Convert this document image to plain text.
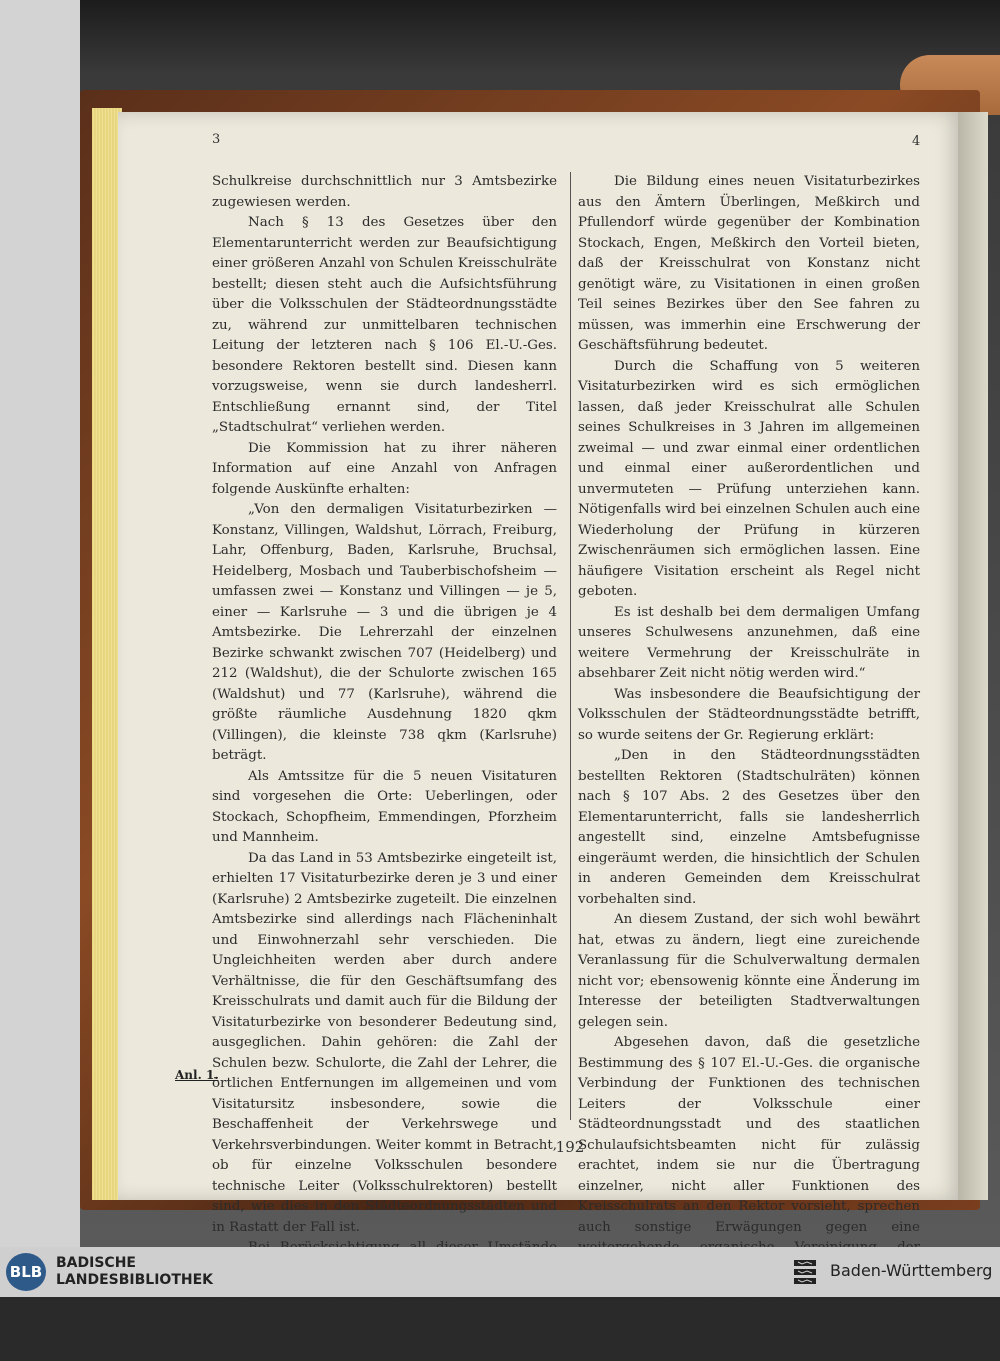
3	4

Schulkreise durchschnittlich nur 3 Amtsbezirke zugewiesen werden.

Nach § 13 des Gesetzes über den Elementarunterricht werden zur Beaufsichtigung einer größeren Anzahl von Schulen Kreisschulräte bestellt; diesen steht auch die Aufsichtsführung über die Volksschulen der Städteordnungsstädte zu, während zur unmittelbaren technischen Leitung der letzteren nach § 106 El.-U.-Ges. besondere Rektoren bestellt sind. Diesen kann vorzugsweise, wenn sie durch landesherrl. Entschließung ernannt sind, der Titel „Stadtschulrat“ verliehen werden.

Die Kommission hat zu ihrer näheren Information auf eine Anzahl von Anfragen folgende Auskünfte erhalten:

„Von den dermaligen Visitaturbezirken — Konstanz, Villingen, Waldshut, Lörrach, Freiburg, Lahr, Offenburg, Baden, Karlsruhe, Bruchsal, Heidelberg, Mosbach und Tauberbischofsheim — umfassen zwei — Konstanz und Villingen — je 5, einer — Karlsruhe — 3 und die übrigen je 4 Amtsbezirke. Die Lehrerzahl der einzelnen Bezirke schwankt zwischen 707 (Heidelberg) und 212 (Waldshut), die der Schulorte zwischen 165 (Waldshut) und 77 (Karlsruhe), während die größte räumliche Ausdehnung 1820 qkm (Villingen), die kleinste 738 qkm (Karlsruhe) beträgt.

Als Amtssitze für die 5 neuen Visitaturen sind vorgesehen die Orte: Ueberlingen, oder Stockach, Schopfheim, Emmendingen, Pforzheim und Mannheim.

Da das Land in 53 Amtsbezirke eingeteilt ist, erhielten 17 Visitaturbezirke deren je 3 und einer (Karlsruhe) 2 Amtsbezirke zugeteilt. Die einzelnen Amtsbezirke sind allerdings nach Flächeninhalt und Einwohnerzahl sehr verschieden. Die Ungleichheiten werden aber durch andere Verhältnisse, die für den Geschäftsumfang des Kreisschulrats und damit auch für die Bildung der Visitaturbezirke von besonderer Bedeutung sind, ausgeglichen. Dahin gehören: die Zahl der Schulen bezw. Schulorte, die Zahl der Lehrer, die örtlichen Entfernungen im allgemeinen und vom Visitatursitz insbesondere, sowie die Beschaffenheit der Verkehrswege und Verkehrsverbindungen. Weiter kommt in Betracht, ob für einzelne Volksschulen besondere technische Leiter (Volksschulrektoren) bestellt sind, wie dies in den Städteordnungsstädten und in Rastatt der Fall ist.

gleiche Geschäftslast für die einzelnen Visitaturen ergeben.

Die Bildung eines neuen Visitaturbezirkes aus den Ämtern Überlingen, Meßkirch und Pfullendorf würde gegenüber der Kombination Stockach, Engen, Meßkirch den Vorteil bieten, daß der Kreisschulrat von Konstanz nicht genötigt wäre, zu Visitationen in einen großen Teil seines Bezirkes über den See fahren zu müssen, was immerhin eine Erschwerung der Geschäftsführung bedeutet.

Durch die Schaffung von 5 weiteren Visitaturbezirken wird es sich ermöglichen lassen, daß jeder Kreisschulrat alle Schulen seines Schulkreises in 3 Jahren im allgemeinen zweimal — und zwar einmal einer ordentlichen und einmal einer außerordentlichen und unvermuteten — Prüfung unterziehen kann. Nötigenfalls wird bei einzelnen Schulen auch eine Wiederholung der Prüfung in kürzeren Zwischenräumen sich ermöglichen lassen. Eine häufigere Visitation erscheint als Regel nicht geboten.

Es ist deshalb bei dem dermaligen Umfang unseres Schulwesens anzunehmen, daß eine weitere Vermehrung der Kreisschulräte in absehbarer Zeit nicht nötig werden wird.“

Was insbesondere die Beaufsichtigung der Volksschulen der Städteordnungsstädte betrifft, so wurde seitens der Gr. Regierung erklärt:

„Den in den Städteordnungsstädten bestellten Rektoren (Stadtschulräten) können nach § 107 Abs. 2 des Gesetzes über den Elementarunterricht, falls sie landesherrlich angestellt sind, einzelne Amtsbefugnisse eingeräumt werden, die hinsichtlich der Schulen in anderen Gemeinden dem Kreisschulrat vorbehalten sind.

An diesem Zustand, der sich wohl bewährt hat, etwas zu ändern, liegt eine zureichende Veranlassung für die Schulverwaltung dermalen nicht vor; ebensowenig könnte eine Änderung im Interesse der beteiligten Stadtverwaltungen gelegen sein.

Abgesehen davon, daß die gesetzliche Bestimmung des § 107 El.-U.-Ges. die organische Verbindung der Funktionen des technischen Leiters der Volksschule einer Städteordnungsstadt und des staatlichen Schulaufsichtsbeamten nicht für zulässig erachtet, indem sie nur die Übertragung einzelner, nicht aller Funktionen des Kreisschulrats an den Rektor vorsieht, sprechen auch sonstige Erwägungen gegen eine

ernannt wird und rechtlich als ein Organ der staatlichen Schulaufsicht sich darstellt, tatsächlich doch nach mancher Richtung

Anl. 1.
192
BLB BADISCHE
LANDESBIBLIOTHEK	Baden-Württemberg
